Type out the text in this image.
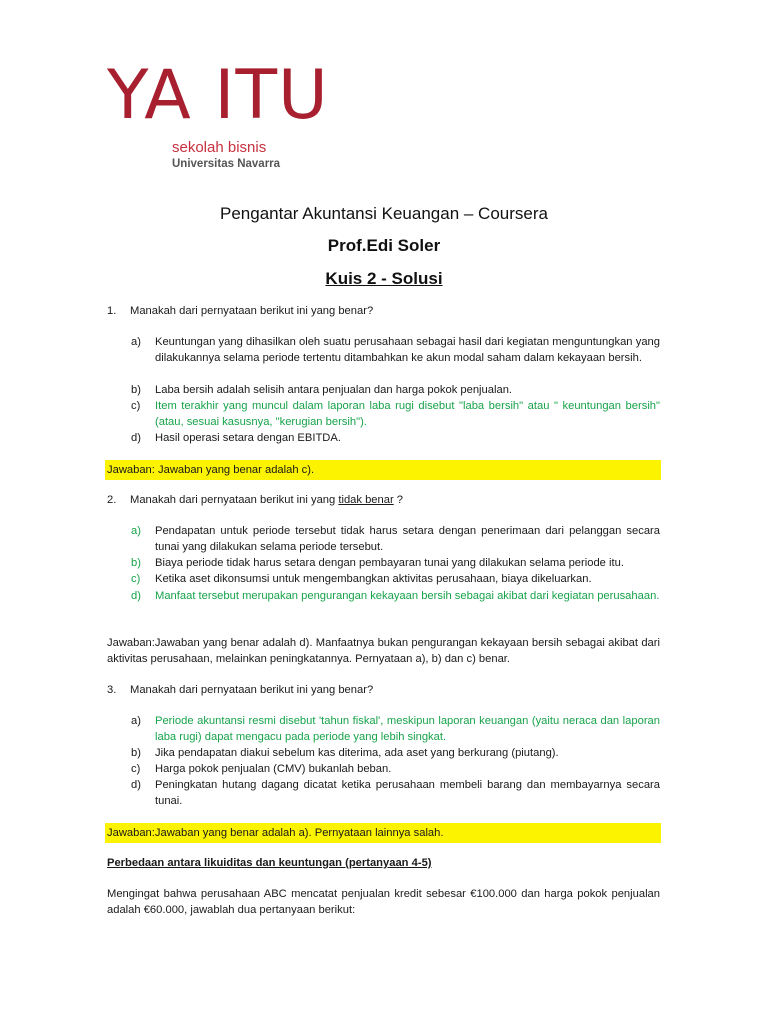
YA ITU
sekolah bisnis
Universitas Navarra
Pengantar Akuntansi Keuangan – Coursera
Prof.Edi Soler
Kuis 2 - Solusi
1. Manakah dari pernyataan berikut ini yang benar?
a)	Keuntungan yang dihasilkan oleh suatu perusahaan sebagai hasil dari kegiatan menguntungkan yang dilakukannya selama periode tertentu ditambahkan ke akun modal saham dalam kekayaan bersih.
b)	Laba bersih adalah selisih antara penjualan dan harga pokok penjualan.
c)	Item terakhir yang muncul dalam laporan laba rugi disebut "laba bersih" atau " keuntungan bersih" (atau, sesuai kasusnya, "kerugian bersih").
d)	Hasil operasi setara dengan EBITDA.
Jawaban: Jawaban yang benar adalah c).
2. Manakah dari pernyataan berikut ini yang tidak benar ?
a)	Pendapatan untuk periode tersebut tidak harus setara dengan penerimaan dari pelanggan secara tunai yang dilakukan selama periode tersebut.
b)	Biaya periode tidak harus setara dengan pembayaran tunai yang dilakukan selama periode itu.
c)	Ketika aset dikonsumsi untuk mengembangkan aktivitas perusahaan, biaya dikeluarkan.
d)	Manfaat tersebut merupakan pengurangan kekayaan bersih sebagai akibat dari kegiatan perusahaan.
Jawaban:Jawaban yang benar adalah d). Manfaatnya bukan pengurangan kekayaan bersih sebagai akibat dari aktivitas perusahaan, melainkan peningkatannya. Pernyataan a), b) dan c) benar.
3. Manakah dari pernyataan berikut ini yang benar?
a)	Periode akuntansi resmi disebut 'tahun fiskal', meskipun laporan keuangan (yaitu neraca dan laporan laba rugi) dapat mengacu pada periode yang lebih singkat.
b)	Jika pendapatan diakui sebelum kas diterima, ada aset yang berkurang (piutang).
c)	Harga pokok penjualan (CMV) bukanlah beban.
d)	Peningkatan hutang dagang dicatat ketika perusahaan membeli barang dan membayarnya secara tunai.
Jawaban:Jawaban yang benar adalah a). Pernyataan lainnya salah.
Perbedaan antara likuiditas dan keuntungan (pertanyaan 4-5)
Mengingat bahwa perusahaan ABC mencatat penjualan kredit sebesar €100.000 dan harga pokok penjualan adalah €60.000, jawablah dua pertanyaan berikut:
